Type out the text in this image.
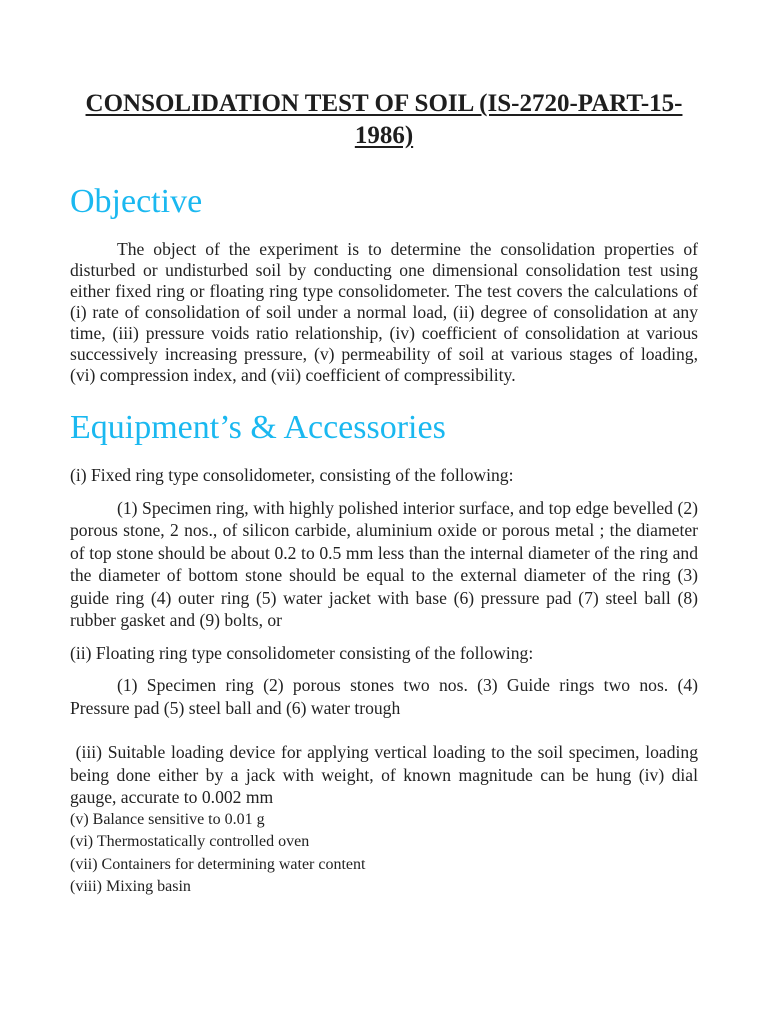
CONSOLIDATION TEST OF SOIL (IS-2720-PART-15-1986)
Objective

The object of the experiment is to determine the consolidation properties of disturbed or undisturbed soil by conducting one dimensional consolidation test using either fixed ring or floating ring type consolidometer. The test covers the calculations of (i) rate of consolidation of soil under a normal load, (ii) degree of consolidation at any time, (iii) pressure voids ratio relationship, (iv) coefficient of consolidation at various successively increasing pressure, (v) permeability of soil at various stages of loading, (vi) compression index, and (vii) coefficient of compressibility.

Equipment’s & Accessories

(i) Fixed ring type consolidometer, consisting of the following:

(1) Specimen ring, with highly polished interior surface, and top edge bevelled (2) porous stone, 2 nos., of silicon carbide, aluminium oxide or porous metal ; the diameter of top stone should be about 0.2 to 0.5 mm less than the internal diameter of the ring and the diameter of bottom stone should be equal to the external diameter of the ring (3) guide ring (4) outer ring (5) water jacket with base (6) pressure pad (7) steel ball (8) rubber gasket and (9) bolts, or

(ii) Floating ring type consolidometer consisting of the following:

(1) Specimen ring (2) porous stones two nos. (3) Guide rings two nos. (4) Pressure pad (5) steel ball and (6) water trough

(iii) Suitable loading device for applying vertical loading to the soil specimen, loading being done either by a jack with weight, of known magnitude can be hung (iv) dial gauge, accurate to 0.002 mm

(v) Balance sensitive to 0.01 g
(vi) Thermostatically controlled oven
(vii) Containers for determining water content
(viii) Mixing basin
